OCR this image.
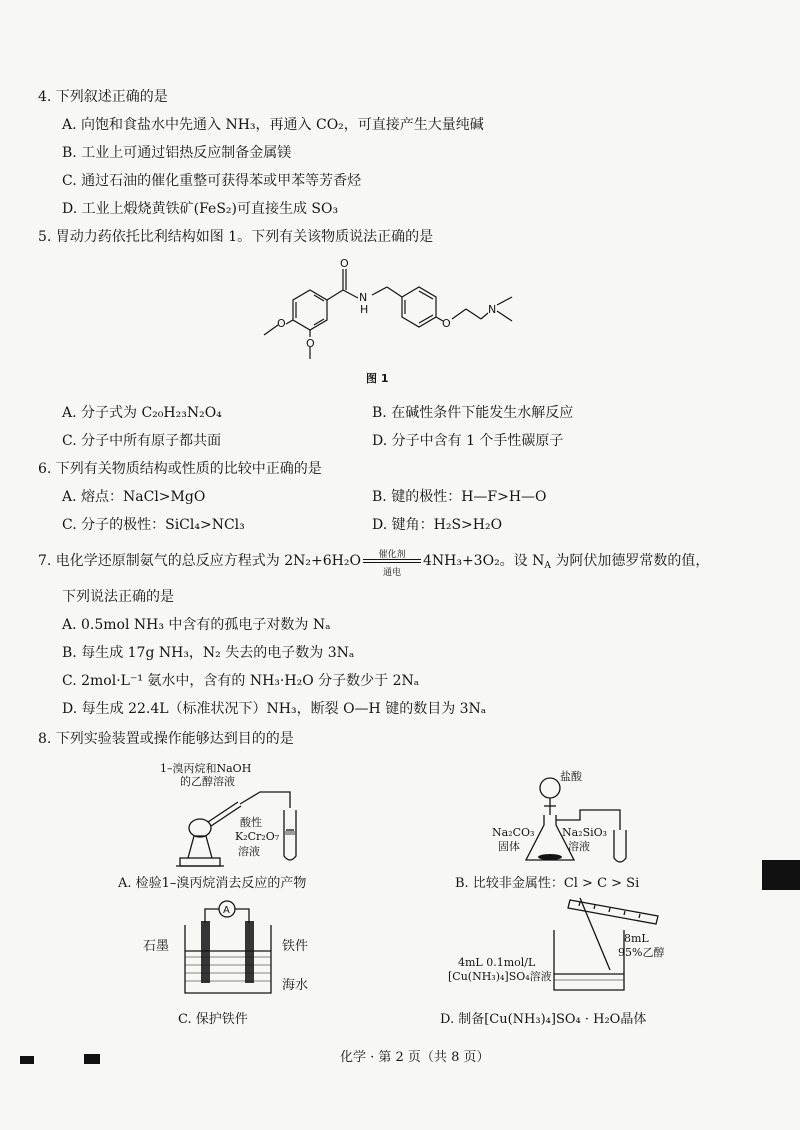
4. 下列叙述正确的是
A. 向饱和食盐水中先通入 NH₃，再通入 CO₂，可直接产生大量纯碱
B. 工业上可通过铝热反应制备金属镁
C. 通过石油的催化重整可获得苯或甲苯等芳香烃
D. 工业上煅烧黄铁矿(FeS₂)可直接生成 SO₃
5. 胃动力药依托比利结构如图 1。下列有关该物质说法正确的是
O
N
H
O
N
O
O
图 1
A. 分子式为 C₂₀H₂₃N₂O₄	B. 在碱性条件下能发生水解反应
C. 分子中所有原子都共面	D. 分子中含有 1 个手性碳原子
6. 下列有关物质结构或性质的比较中正确的是
A. 熔点：NaCl>MgO	B. 键的极性：H—F>H—O
C. 分子的极性：SiCl₄>NCl₃	D. 键角：H₂S>H₂O
7. 电化学还原制氨气的总反应方程式为 2N₂+6H₂O	催化剂
通电
4NH₃+3O₂。设 $N_A$ 为阿伏加德罗常数的值，
下列说法正确的是
A. 0.5mol NH₃ 中含有的孤电子对数为 Nₐ
B. 每生成 17g NH₃，N₂ 失去的电子数为 3Nₐ
C. 2mol·L⁻¹ 氨水中，含有的 NH₃·H₂O 分子数少于 2Nₐ
D. 每生成 22.4L（标准状况下）NH₃，断裂 O—H 键的数目为 3Nₐ
8. 下列实验装置或操作能够达到目的的是
1–溴丙烷和NaOH
的乙醇溶液
酸性
K₂Cr₂O₇
溶液
A. 检验1–溴丙烷消去反应的产物
盐酸
Na₂CO₃
固体
Na₂SiO₃
溶液
B. 比较非金属性：Cl > C > Si
A
石墨	铁件
海水
C. 保护铁件
8mL
95%乙醇
4mL 0.1mol/L
[Cu(NH₃)₄]SO₄溶液
D. 制备[Cu(NH₃)₄]SO₄ · H₂O晶体
化学 · 第 2 页（共 8 页）
